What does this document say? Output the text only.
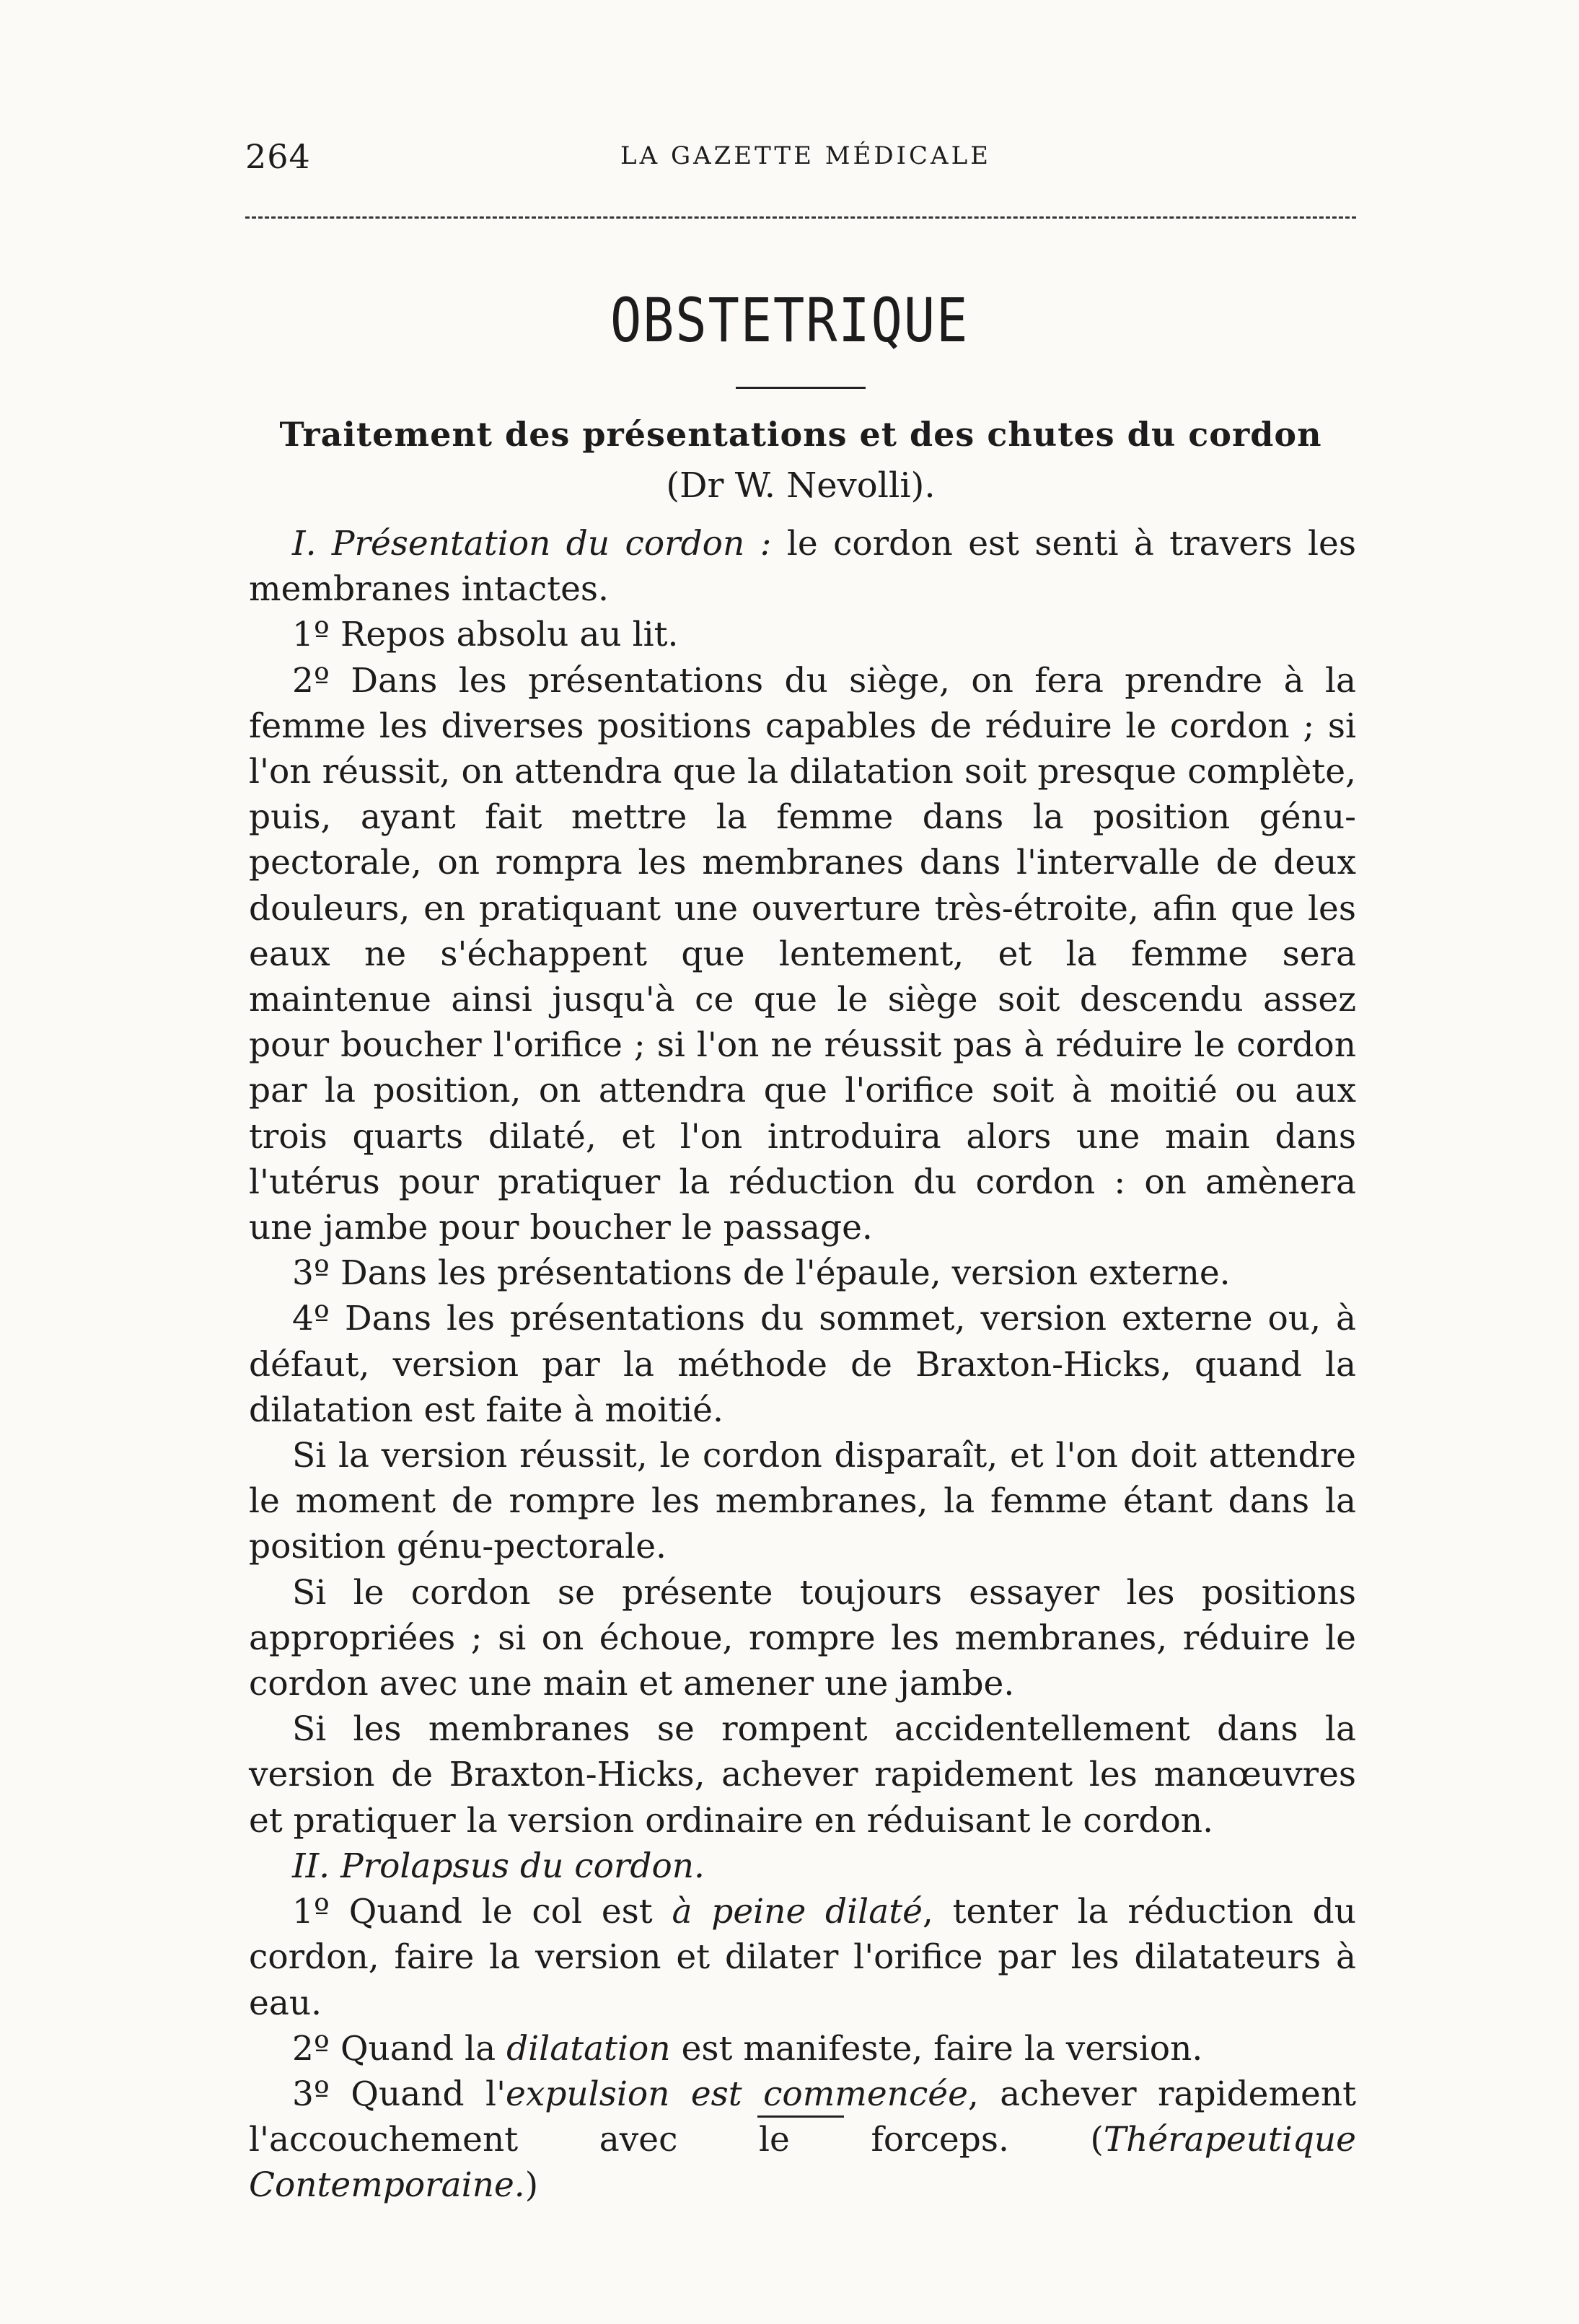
264	LA GAZETTE MÉDICALE
OBSTETRIQUE
Traitement des présentations et des chutes du cordon
(Dr W. Nevolli).

I. Présentation du cordon : le cordon est senti à travers les membranes intactes.

1º Repos absolu au lit.

2º Dans les présentations du siège, on fera prendre à la femme les diverses positions capables de réduire le cordon ; si l'on réussit, on attendra que la dilatation soit presque complète, puis, ayant fait mettre la femme dans la position génu-pectorale, on rompra les membranes dans l'intervalle de deux douleurs, en pratiquant une ouverture très-étroite, afin que les eaux ne s'échappent que lentement, et la femme sera maintenue ainsi jusqu'à ce que le siège soit descendu assez pour boucher l'orifice ; si l'on ne réussit pas à réduire le cordon par la position, on attendra que l'orifice soit à moitié ou aux trois quarts dilaté, et l'on introduira alors une main dans l'utérus pour pratiquer la réduction du cordon : on amènera une jambe pour boucher le passage.

3º Dans les présentations de l'épaule, version externe.

4º Dans les présentations du sommet, version externe ou, à défaut, version par la méthode de Braxton-Hicks, quand la dilatation est faite à moitié.

Si la version réussit, le cordon disparaît, et l'on doit attendre le moment de rompre les membranes, la femme étant dans la position génu-pectorale.

Si le cordon se présente toujours essayer les positions appropriées ; si on échoue, rompre les membranes, réduire le cordon avec une main et amener une jambe.

Si les membranes se rompent accidentellement dans la version de Braxton-Hicks, achever rapidement les manœuvres et pratiquer la version ordinaire en réduisant le cordon.

II. Prolapsus du cordon.

1º Quand le col est à peine dilaté, tenter la réduction du cordon, faire la version et dilater l'orifice par les dilatateurs à eau.

2º Quand la dilatation est manifeste, faire la version.

3º Quand l'expulsion est commencée, achever rapidement l'accouchement avec le forceps. (Thérapeutique Contemporaine.)
